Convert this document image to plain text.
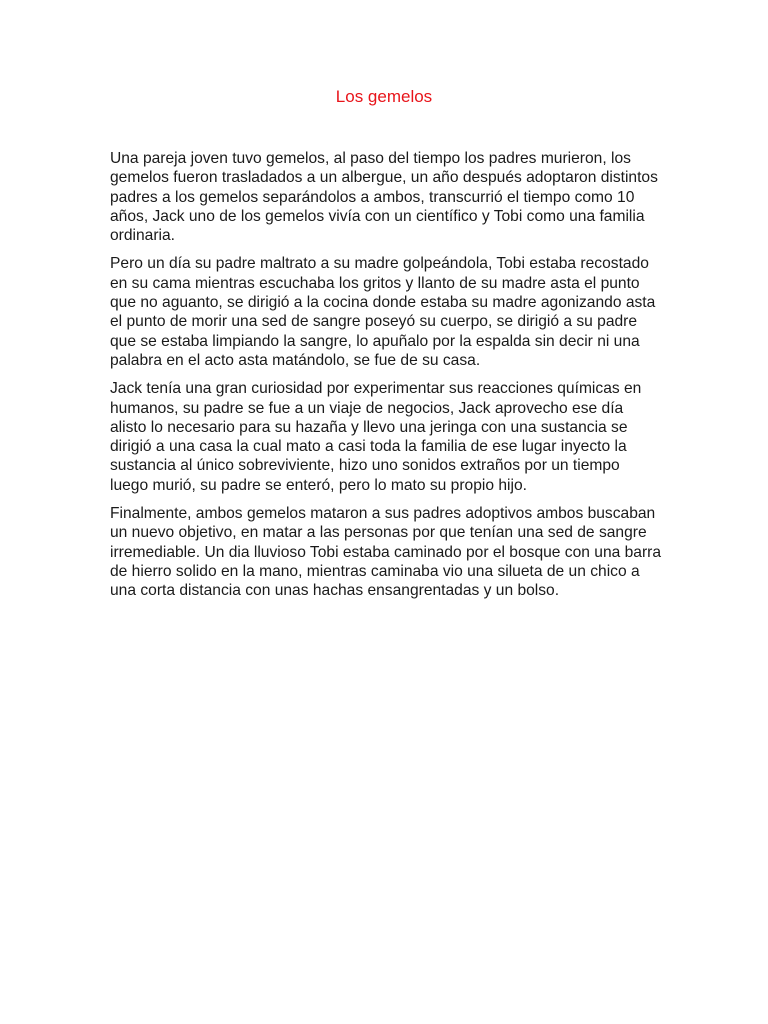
Los gemelos

Una pareja joven tuvo gemelos, al paso del tiempo los padres murieron, los gemelos fueron trasladados a un albergue, un año después adoptaron distintos padres a los gemelos separándolos a ambos, transcurrió el tiempo como 10 años, Jack uno de los gemelos vivía con un científico y Tobi como una familia ordinaria.

Pero un día su padre maltrato a su madre golpeándola, Tobi estaba recostado en su cama mientras escuchaba los gritos y llanto de su madre asta el punto que no aguanto, se dirigió a la cocina donde estaba su madre agonizando asta el punto de morir una sed de sangre poseyó su cuerpo, se dirigió a su padre que se estaba limpiando la sangre, lo apuñalo por la espalda sin decir ni una palabra en el acto asta matándolo, se fue de su casa.

Jack tenía una gran curiosidad por experimentar sus reacciones químicas en humanos, su padre se fue a un viaje de negocios, Jack aprovecho ese día alisto lo necesario para su hazaña y llevo una jeringa con una sustancia se dirigió a una casa la cual mato a casi toda la familia de ese lugar inyecto la sustancia al único sobreviviente, hizo uno sonidos extraños por un tiempo luego murió, su padre se enteró, pero lo mato su propio hijo.

Finalmente, ambos gemelos mataron a sus padres adoptivos ambos buscaban un nuevo objetivo, en matar a las personas por que tenían una sed de sangre irremediable. Un dia lluvioso Tobi estaba caminado por el bosque con una barra de hierro solido en la mano, mientras caminaba vio una silueta de un chico a una corta distancia con unas hachas ensangrentadas y un bolso.
